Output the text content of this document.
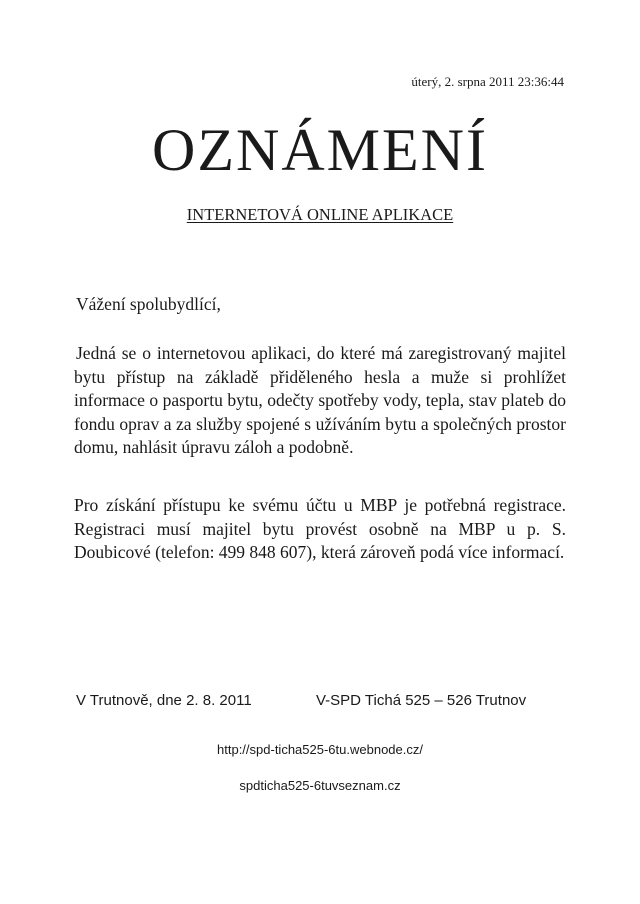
úterý, 2. srpna 2011 23:36:44
OZNÁMENÍ
INTERNETOVÁ ONLINE APLIKACE
Vážení spolubydlící,
Jedná se o internetovou aplikaci, do které má zaregistrovaný majitel bytu přístup na základě přiděleného hesla a muže si prohlížet informace o pasportu bytu, odečty spotřeby vody, tepla, stav plateb do fondu oprav a za služby spojené s užíváním bytu a společných prostor domu, nahlásit úpravu záloh a podobně.
Pro získání přístupu ke svému účtu u MBP je potřebná registrace. Registraci musí majitel bytu provést osobně na MBP u p. S. Doubicové (telefon: 499 848 607), která zároveň podá více informací.
V Trutnově, dne 2. 8. 2011	V-SPD Tichá 525 – 526 Trutnov
http://spd-ticha525-6tu.webnode.cz/
spdticha525-6tuvseznam.cz
